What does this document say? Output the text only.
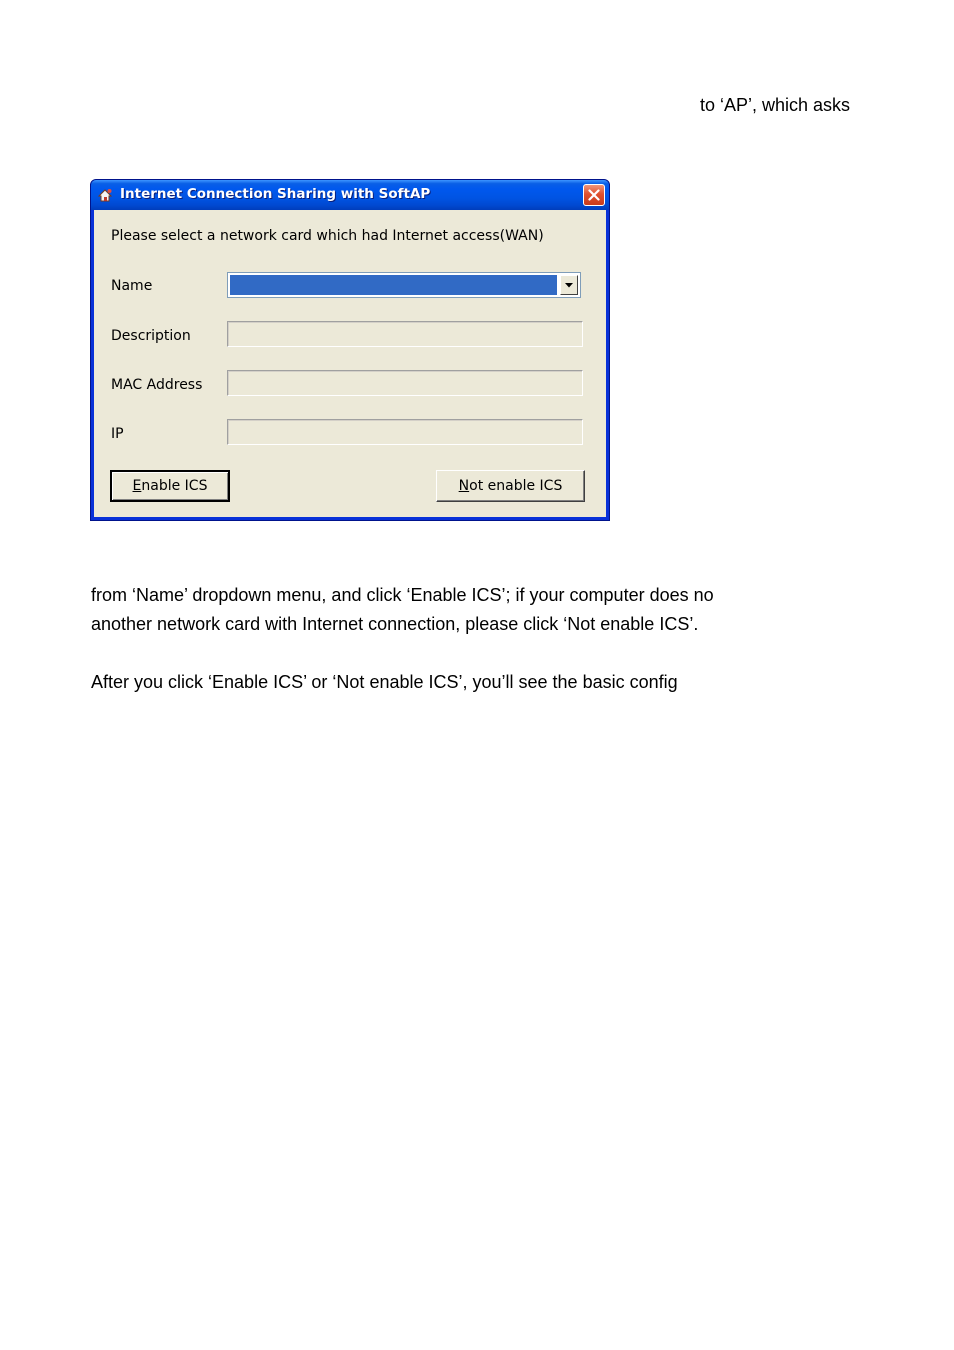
to ‘AP’, which asks
Internet Connection Sharing with SoftAP
Please select a network card which had Internet access(WAN)
Name
Description
MAC Address
IP
Enable ICS	Not enable ICS
from ‘Name’ dropdown menu, and click ‘Enable ICS’; if your computer does no
another network card with Internet connection, please click ‘Not enable ICS’.
After you click ‘Enable ICS’ or ‘Not enable ICS’, you’ll see the basic config
